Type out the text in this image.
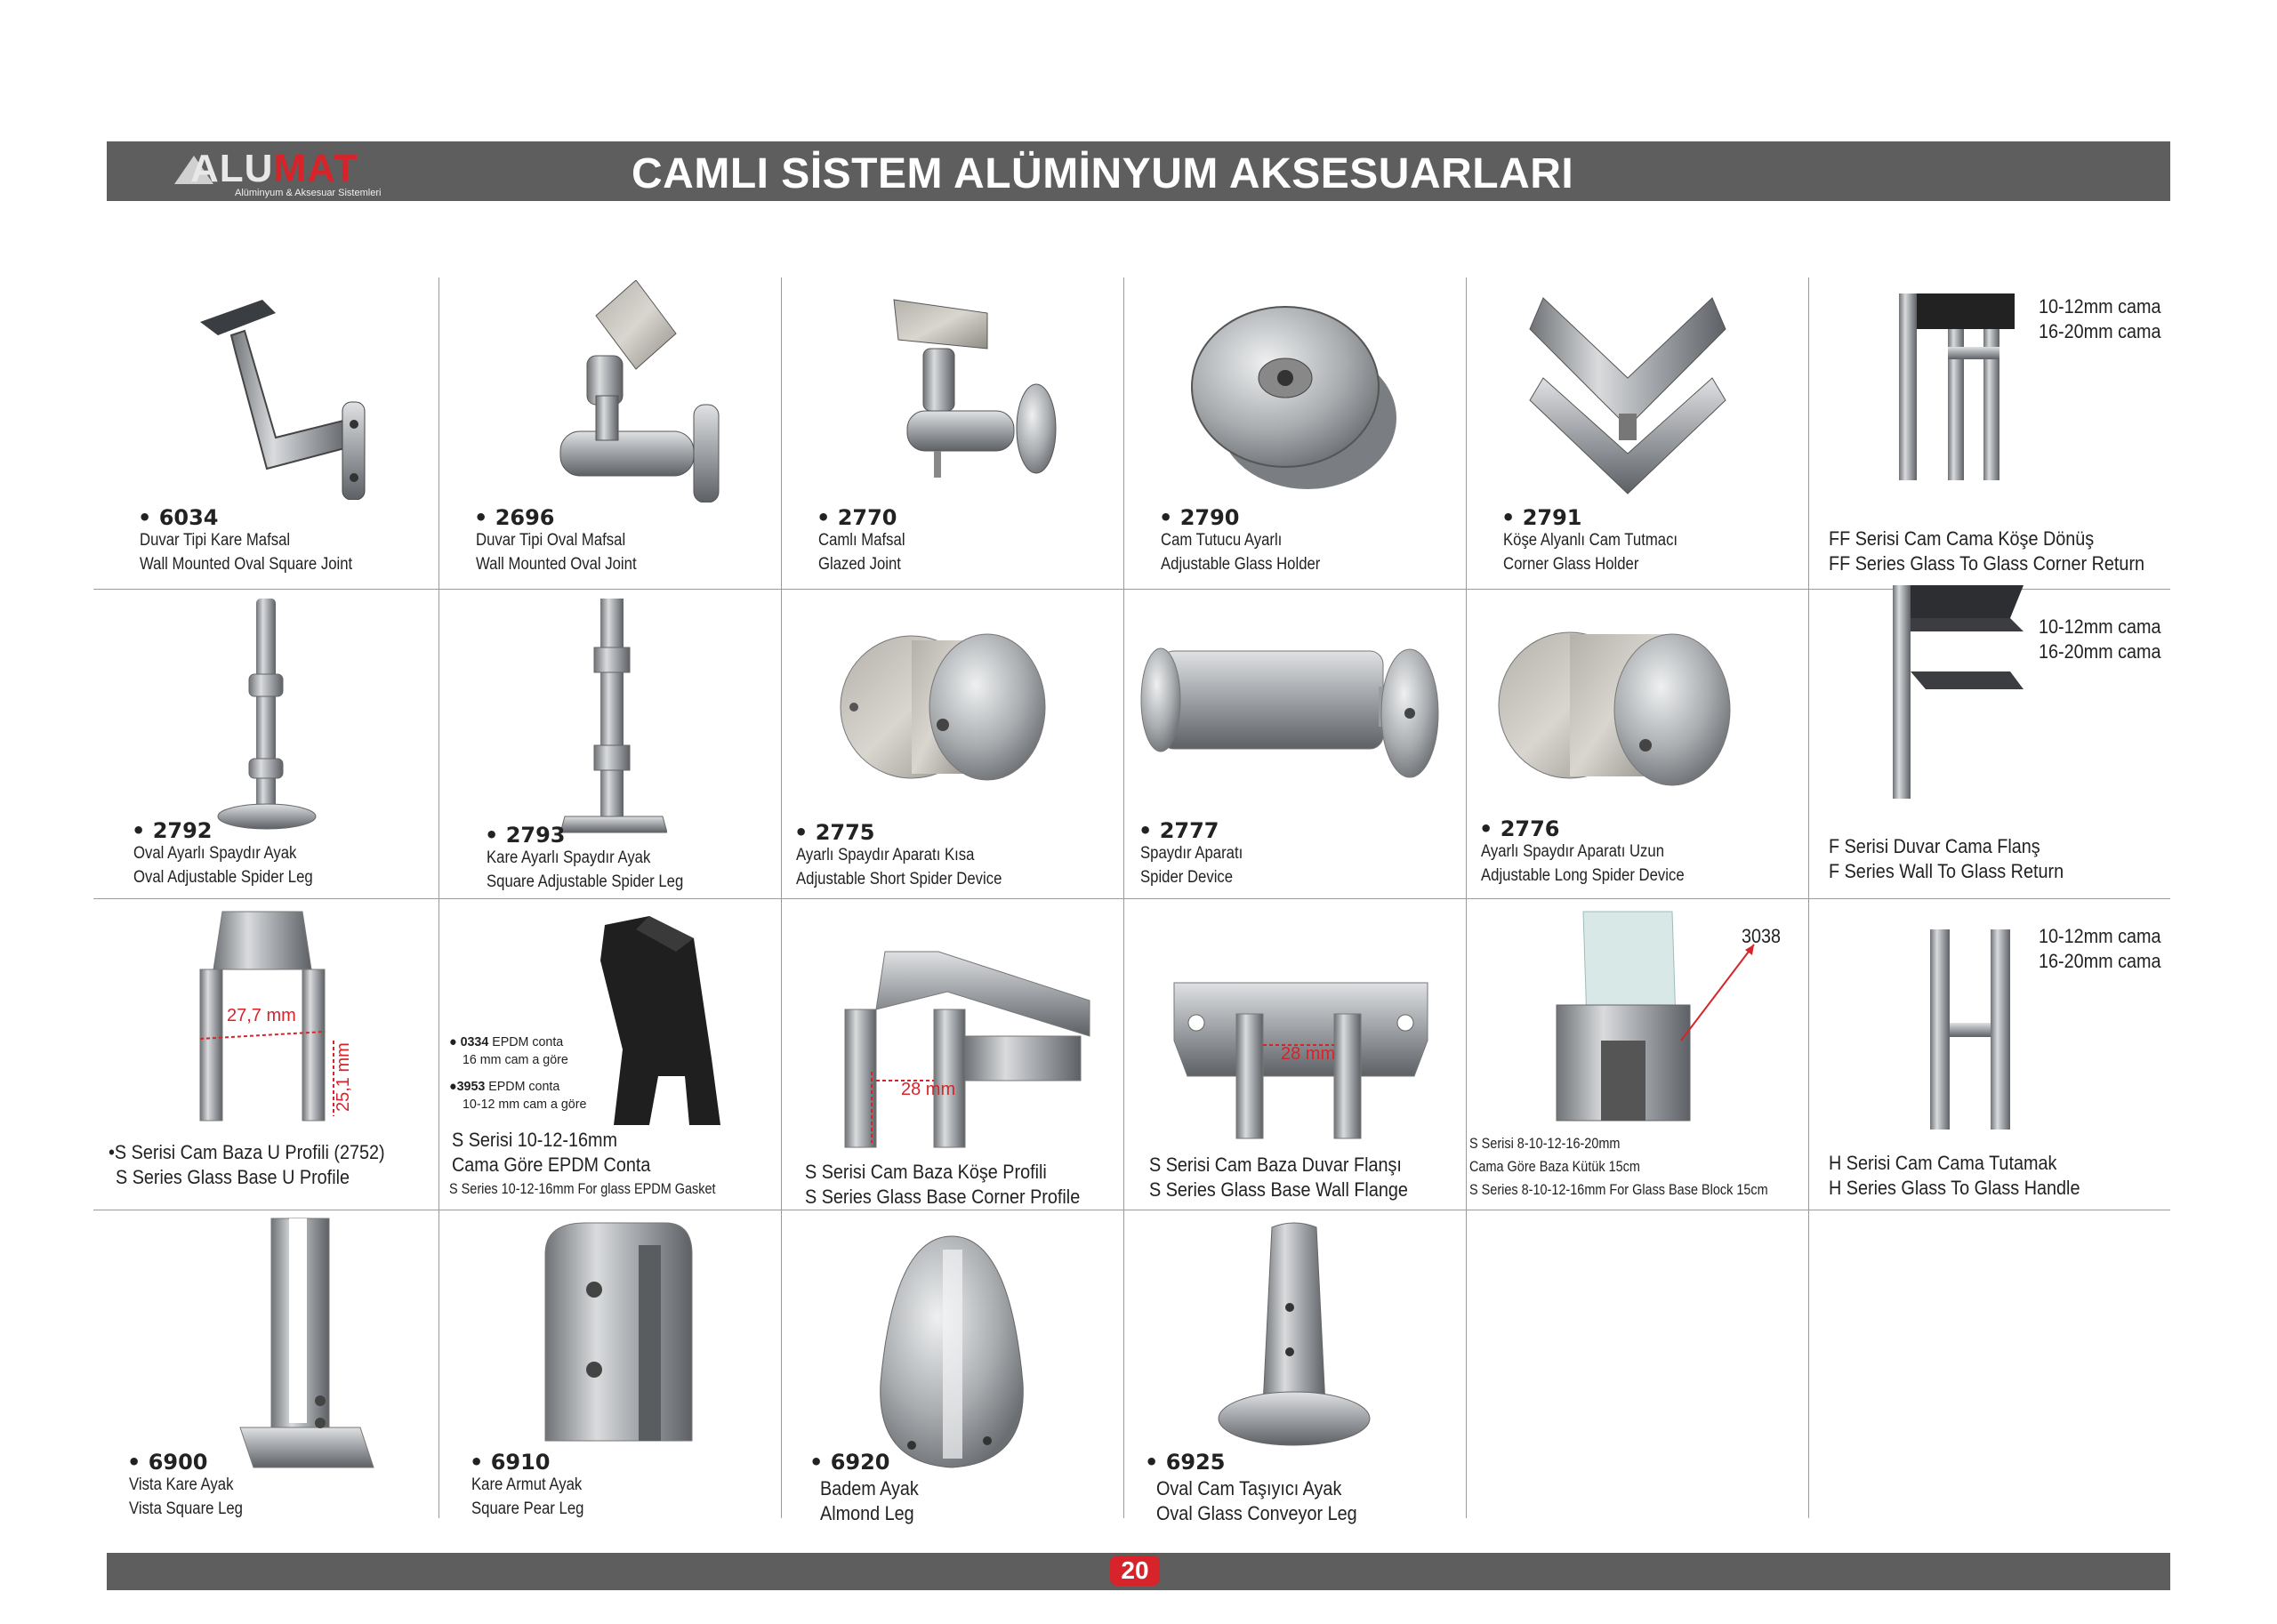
ALUMAT
Alüminyum & Aksesuar Sistemleri	CAMLI SİSTEM ALÜMİNYUM AKSESUARLARI
• 6034
Duvar Tipi Kare Mafsal
Wall Mounted Oval Square Joint
• 2696
Duvar Tipi Oval Mafsal
Wall Mounted Oval Joint
• 2770
Camlı Mafsal
Glazed Joint
• 2790
Cam Tutucu Ayarlı
Adjustable Glass Holder
• 2791
Köşe Alyanlı Cam Tutmacı
Corner Glass Holder
10-12mm cama
16-20mm cama
FF Serisi Cam Cama Köşe Dönüş
FF Series Glass To Glass Corner Return
• 2792
Oval Ayarlı Spaydır Ayak
Oval Adjustable Spider Leg
• 2793
Kare Ayarlı Spaydır Ayak
Square Adjustable Spider Leg
• 2775
Ayarlı Spaydır Aparatı Kısa
Adjustable Short Spider Device
• 2777
Spaydır Aparatı
Spider Device
• 2776
Ayarlı Spaydır Aparatı Uzun
Adjustable Long Spider Device
10-12mm cama
16-20mm cama
F Serisi Duvar Cama Flanş
F Series Wall To Glass Return
27,7 mm
25,1 mm
•S Serisi Cam Baza U Profili (2752)
S Series Glass Base U Profile
● 0334 EPDM conta
16 mm cam a göre
●3953 EPDM conta
10-12 mm cam a göre
S Serisi 10-12-16mm
Cama Göre EPDM Conta
S Series 10-12-16mm For glass EPDM Gasket
28 mm
S Serisi Cam Baza Köşe Profili
S Series Glass Base Corner Profile
28 mm
S Serisi Cam Baza Duvar Flanşı
S Series Glass Base Wall Flange
3038
S Serisi 8-10-12-16-20mm
Cama Göre Baza Kütük 15cm
S Series 8-10-12-16mm For Glass Base Block 15cm
10-12mm cama
16-20mm cama
H Serisi Cam Cama Tutamak
H Series Glass To Glass Handle
• 6900
Vista Kare Ayak
Vista Square Leg
• 6910
Kare Armut Ayak
Square Pear Leg
• 6920
Badem Ayak
Almond Leg
• 6925
Oval Cam Taşıyıcı Ayak
Oval Glass Conveyor Leg
20
